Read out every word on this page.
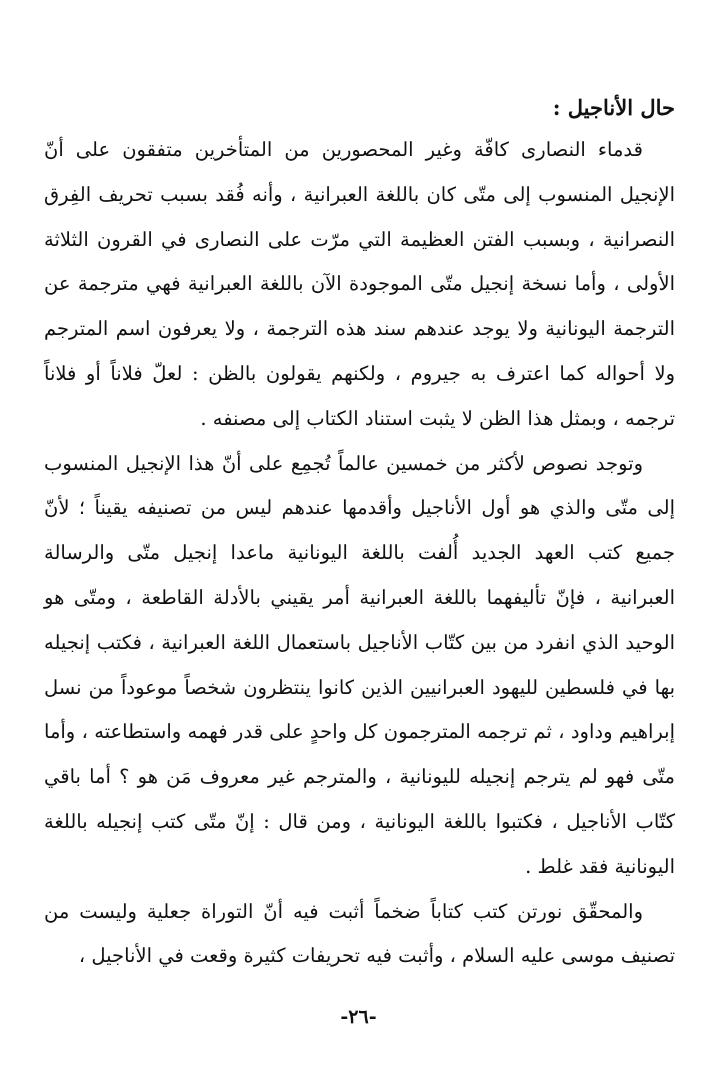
حال الأناجيل :

قدماء النصارى كافّة وغير المحصورين من المتأخرين متفقون على أنّ الإنجيل المنسوب إلى متّى كان باللغة العبرانية ، وأنه فُقد بسبب تحريف الفِرق النصرانية ، وبسبب الفتن العظيمة التي مرّت على النصارى في القرون الثلاثة الأولى ، وأما نسخة إنجيل متّى الموجودة الآن باللغة العبرانية فهي مترجمة عن الترجمة اليونانية ولا يوجد عندهم سند هذه الترجمة ، ولا يعرفون اسم المترجم ولا أحواله كما اعترف به جيروم ، ولكنهم يقولون بالظن : لعلّ فلاناً أو فلاناً ترجمه ، وبمثل هذا الظن لا يثبت استناد الكتاب إلى مصنفه .

وتوجد نصوص لأكثر من خمسين عالماً تُجمِع على أنّ هذا الإنجيل المنسوب إلى متّى والذي هو أول الأناجيل وأقدمها عندهم ليس من تصنيفه يقيناً ؛ لأنّ جميع كتب العهد الجديد أُلفت باللغة اليونانية ماعدا إنجيل متّى والرسالة العبرانية ، فإنّ تأليفهما باللغة العبرانية أمر يقيني بالأدلة القاطعة ، ومتّى هو الوحيد الذي انفرد من بين كتّاب الأناجيل باستعمال اللغة العبرانية ، فكتب إنجيله بها في فلسطين لليهود العبرانيين الذين كانوا ينتظرون شخصاً موعوداً من نسل إبراهيم وداود ، ثم ترجمه المترجمون كل واحدٍ على قدر فهمه واستطاعته ، وأما متّى فهو لم يترجم إنجيله لليونانية ، والمترجم غير معروف مَن هو ؟ أما باقي كتّاب الأناجيل ، فكتبوا باللغة اليونانية ، ومن قال : إنّ متّى كتب إنجيله باللغة اليونانية فقد غلط .

والمحقّق نورتن كتب كتاباً ضخماً أثبت فيه أنّ التوراة جعلية وليست من تصنيف موسى عليه السلام ، وأثبت فيه تحريفات كثيرة وقعت في الأناجيل ،

-٢٦-
